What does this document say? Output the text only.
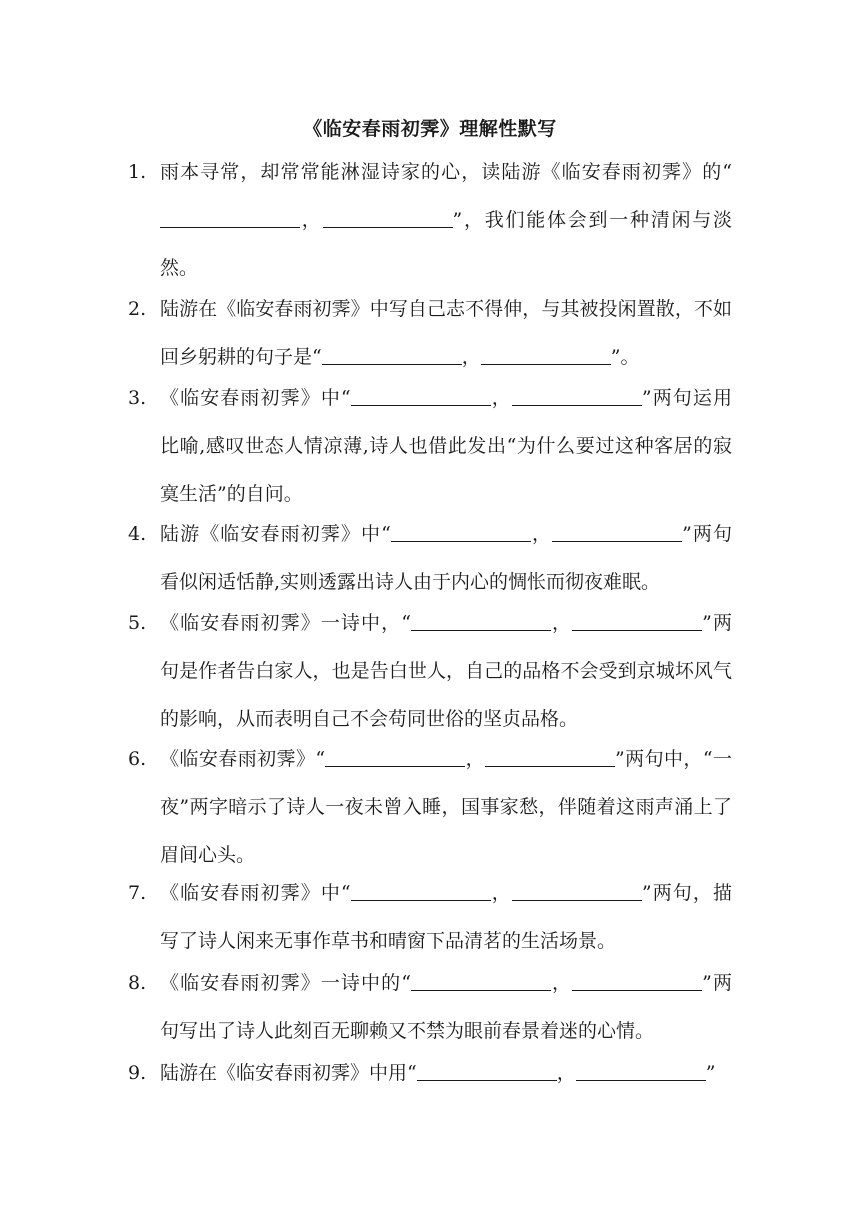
《临安春雨初霁》理解性默写
1. 雨本寻常，却常常能淋湿诗家的心，读陆游《临安春雨初霁》的“，	”，我们能体会到一种清闲与淡然。
2. 陆游在《临安春雨初霁》中写自己志不得伸，与其被投闲置散，不如回乡躬耕的句子是“	，	”。
3. 《临安春雨初霁》中“	，	”两句运用比喻,感叹世态人情凉薄,诗人也借此发出“为什么要过这种客居的寂寞生活”的自问。
4. 陆游《临安春雨初霁》中“	，	”两句看似闲适恬静,实则透露出诗人由于内心的惆怅而彻夜难眠。
5. 《临安春雨初霁》一诗中，“	，	”两句是作者告白家人，也是告白世人，自己的品格不会受到京城坏风气的影响，从而表明自己不会苟同世俗的坚贞品格。
6. 《临安春雨初霁》“	，	”两句中，“一夜”两字暗示了诗人一夜未曾入睡，国事家愁，伴随着这雨声涌上了眉间心头。
7. 《临安春雨初霁》中“	，	”两句，描写了诗人闲来无事作草书和晴窗下品清茗的生活场景。
8. 《临安春雨初霁》一诗中的“	，	”两句写出了诗人此刻百无聊赖又不禁为眼前春景着迷的心情。
9. 陆游在《临安春雨初霁》中用“	，	”
